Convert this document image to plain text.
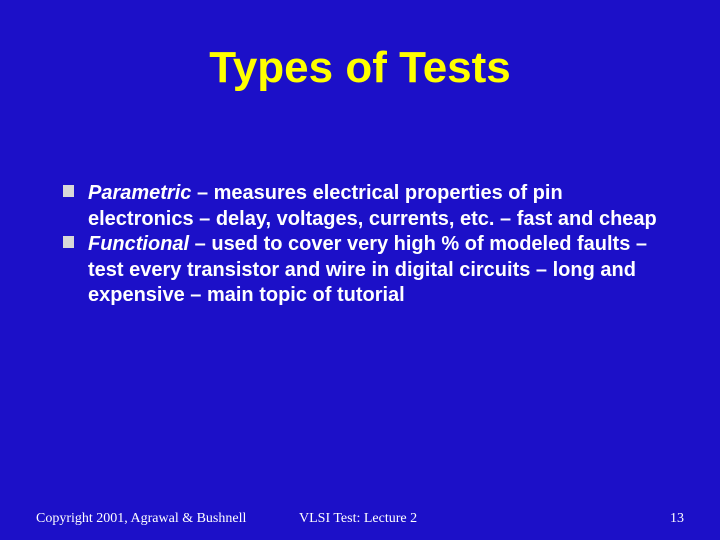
Types of Tests
Parametric – measures electrical properties of pin electronics – delay, voltages, currents, etc. – fast and cheap
Functional – used to cover very high % of modeled faults – test every transistor and wire in digital circuits – long and expensive – main topic of tutorial
Copyright 2001, Agrawal & Bushnell	VLSI Test: Lecture 2	13
